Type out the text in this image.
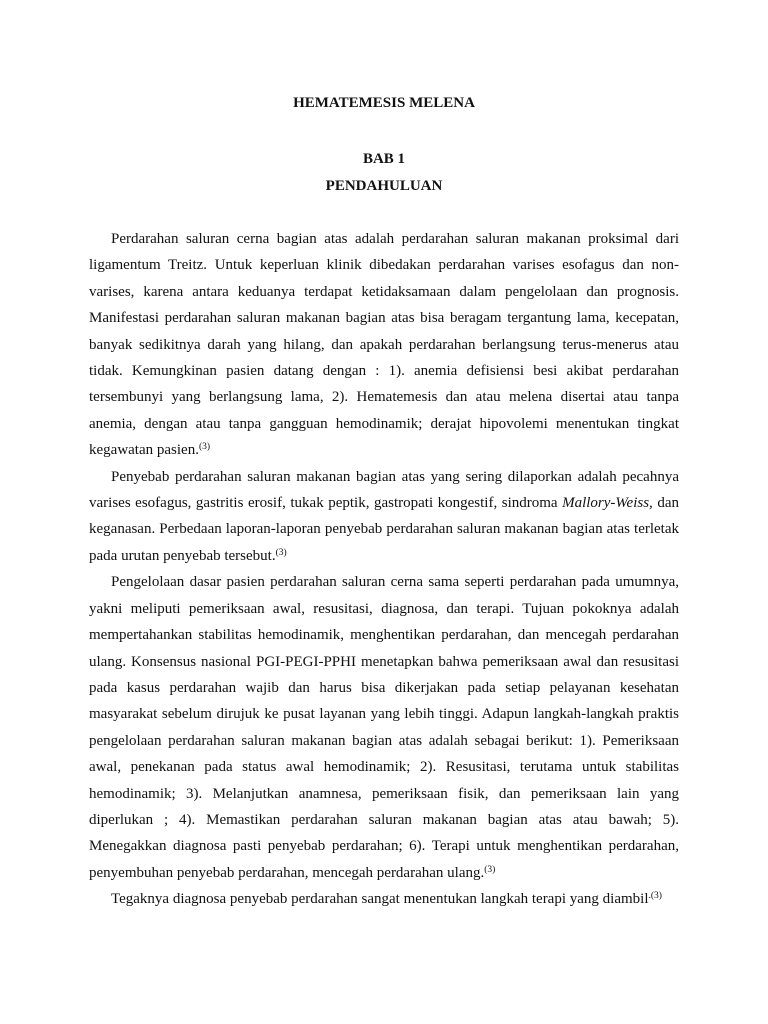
HEMATEMESIS MELENA
BAB 1
PENDAHULUAN

Perdarahan saluran cerna bagian atas adalah perdarahan saluran makanan proksimal dari ligamentum Treitz. Untuk keperluan klinik dibedakan perdarahan varises esofagus dan non-varises, karena antara keduanya terdapat ketidaksamaan dalam pengelolaan dan prognosis. Manifestasi perdarahan saluran makanan bagian atas bisa beragam tergantung lama, kecepatan, banyak sedikitnya darah yang hilang, dan apakah perdarahan berlangsung terus-menerus atau tidak. Kemungkinan pasien datang dengan : 1). anemia defisiensi besi akibat perdarahan tersembunyi yang berlangsung lama, 2). Hematemesis dan atau melena disertai atau tanpa anemia, dengan atau tanpa gangguan hemodinamik; derajat hipovolemi menentukan tingkat kegawatan pasien.$^{(3)}$

Penyebab perdarahan saluran makanan bagian atas yang sering dilaporkan adalah pecahnya varises esofagus, gastritis erosif, tukak peptik, gastropati kongestif, sindroma Mallory-Weiss, dan keganasan. Perbedaan laporan-laporan penyebab perdarahan saluran makanan bagian atas terletak pada urutan penyebab tersebut.$^{(3)}$

Pengelolaan dasar pasien perdarahan saluran cerna sama seperti perdarahan pada umumnya, yakni meliputi pemeriksaan awal, resusitasi, diagnosa, dan terapi. Tujuan pokoknya adalah mempertahankan stabilitas hemodinamik, menghentikan perdarahan, dan mencegah perdarahan ulang. Konsensus nasional PGI-PEGI-PPHI menetapkan bahwa pemeriksaan awal dan resusitasi pada kasus perdarahan wajib dan harus bisa dikerjakan pada setiap pelayanan kesehatan masyarakat sebelum dirujuk ke pusat layanan yang lebih tinggi. Adapun langkah-langkah praktis pengelolaan perdarahan saluran makanan bagian atas adalah sebagai berikut: 1). Pemeriksaan awal, penekanan pada status awal hemodinamik; 2). Resusitasi, terutama untuk stabilitas hemodinamik; 3). Melanjutkan anamnesa, pemeriksaan fisik, dan pemeriksaan lain yang diperlukan ; 4). Memastikan perdarahan saluran makanan bagian atas atau bawah; 5). Menegakkan diagnosa pasti penyebab perdarahan; 6). Terapi untuk menghentikan perdarahan, penyembuhan penyebab perdarahan, mencegah perdarahan ulang.$^{(3)}$

Tegaknya diagnosa penyebab perdarahan sangat menentukan langkah terapi yang diambil$^{.(3)}$
